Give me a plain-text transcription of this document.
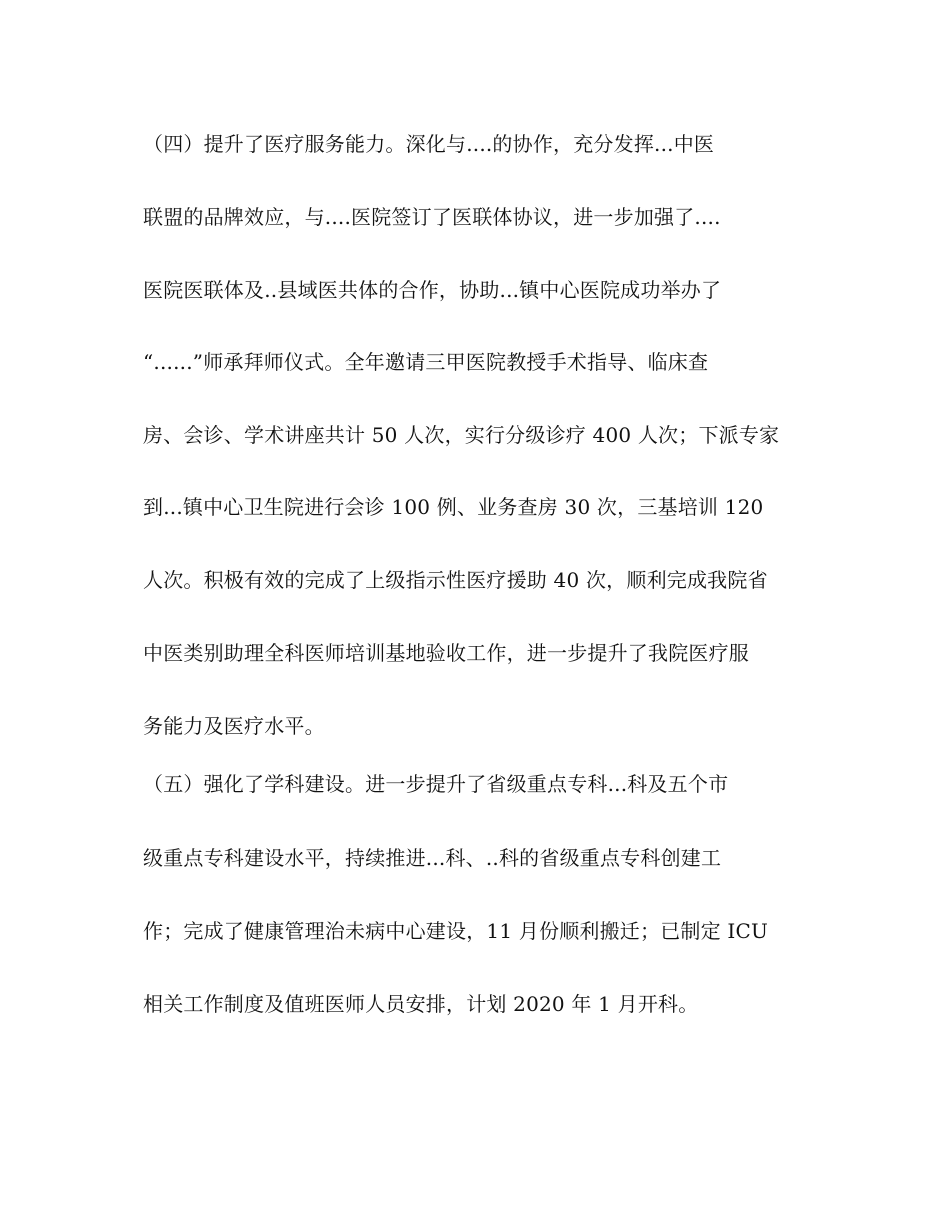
（四）提升了医疗服务能力。深化与....的协作，充分发挥...中医
联盟的品牌效应，与....医院签订了医联体协议，进一步加强了....
医院医联体及..县域医共体的合作，协助...镇中心医院成功举办了
“......”师承拜师仪式。全年邀请三甲医院教授手术指导、临床查
房、会诊、学术讲座共计 50 人次，实行分级诊疗 400 人次；下派专家
到...镇中心卫生院进行会诊 100 例、业务查房 30 次，三基培训 120
人次。积极有效的完成了上级指示性医疗援助 40 次，顺利完成我院省
中医类别助理全科医师培训基地验收工作，进一步提升了我院医疗服
务能力及医疗水平。
（五）强化了学科建设。进一步提升了省级重点专科...科及五个市
级重点专科建设水平，持续推进...科、..科的省级重点专科创建工
作；完成了健康管理治未病中心建设，11 月份顺利搬迁；已制定 ICU
相关工作制度及值班医师人员安排，计划 2020 年 1 月开科。
